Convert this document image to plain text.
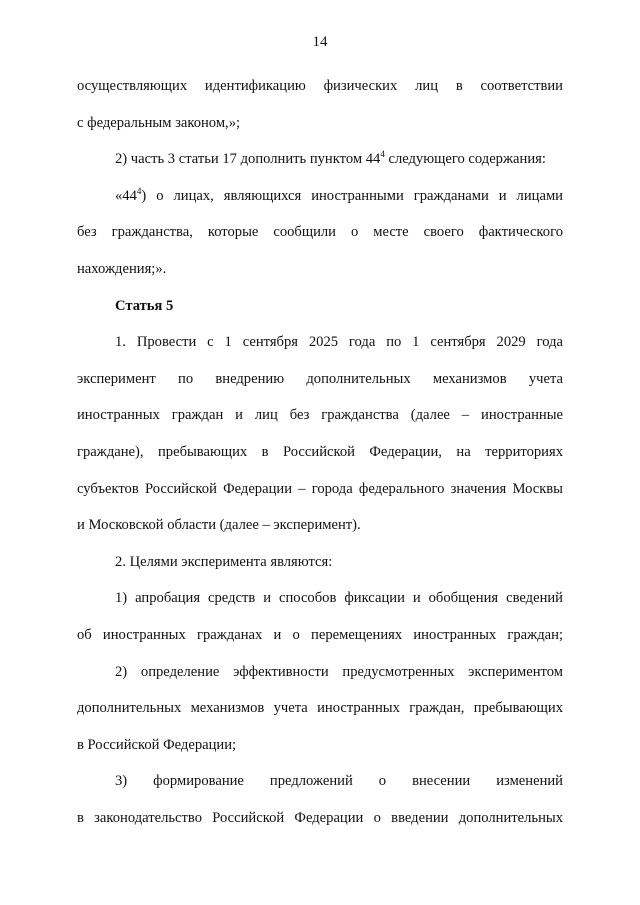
14
осуществляющих идентификацию физических лиц в соответствии
с федеральным законом,»;
2) часть 3 статьи 17 дополнить пунктом $44^4$ следующего содержания:
«$44^4$) о лицах, являющихся иностранными гражданами и лицами
без гражданства, которые сообщили о месте своего фактического
нахождения;».
Статья 5
1. Провести с 1 сентября 2025 года по 1 сентября 2029 года
эксперимент по внедрению дополнительных механизмов учета
иностранных граждан и лиц без гражданства (далее – иностранные
граждане), пребывающих в Российской Федерации, на территориях
субъектов Российской Федерации – города федерального значения Москвы
и Московской области (далее – эксперимент).
2. Целями эксперимента являются:
1) апробация средств и способов фиксации и обобщения сведений
об иностранных гражданах и о перемещениях иностранных граждан;
2) определение эффективности предусмотренных экспериментом
дополнительных механизмов учета иностранных граждан, пребывающих
в Российской Федерации;
3) формирование предложений о внесении изменений
в законодательство Российской Федерации о введении дополнительных
